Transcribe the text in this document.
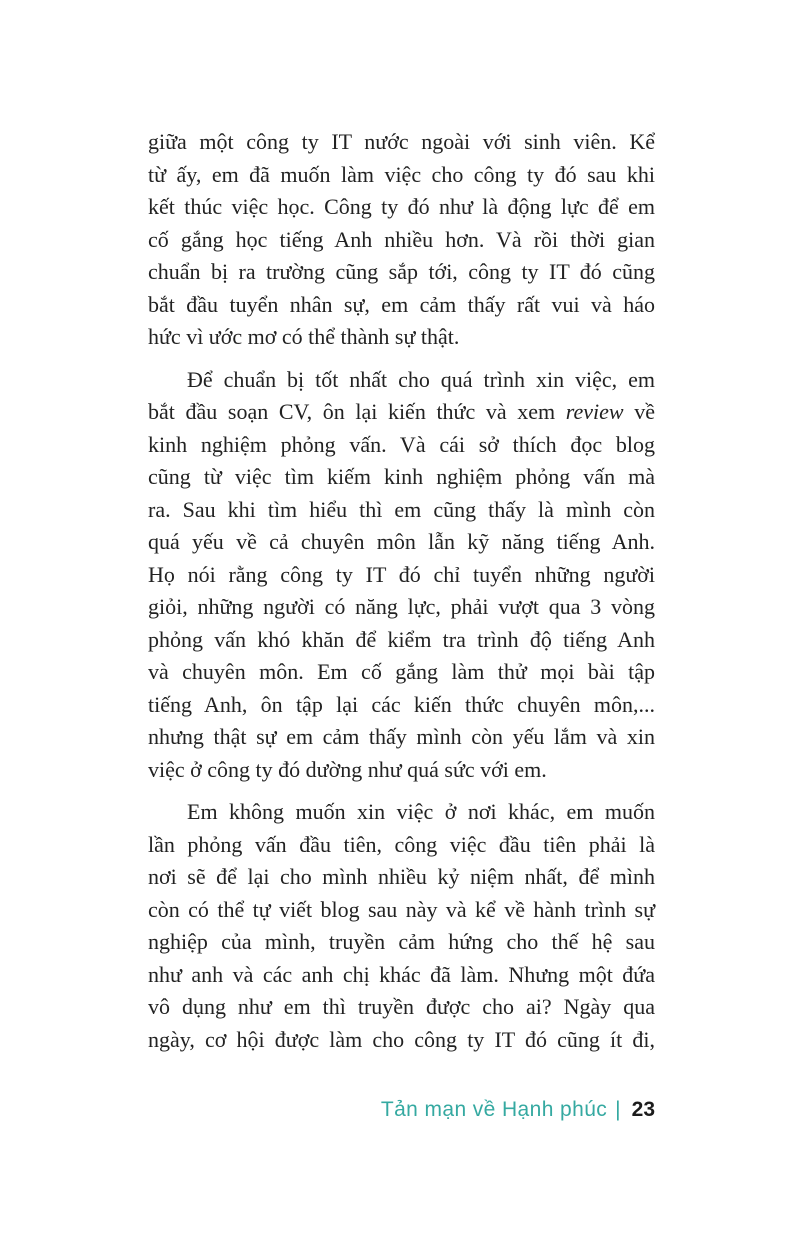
giữa một công ty IT nước ngoài với sinh viên. Kể
từ ấy, em đã muốn làm việc cho công ty đó sau khi
kết thúc việc học. Công ty đó như là động lực để em
cố gắng học tiếng Anh nhiều hơn. Và rồi thời gian
chuẩn bị ra trường cũng sắp tới, công ty IT đó cũng
bắt đầu tuyển nhân sự, em cảm thấy rất vui và háo
hức vì ước mơ có thể thành sự thật.
Để chuẩn bị tốt nhất cho quá trình xin việc, em
bắt đầu soạn CV, ôn lại kiến thức và xem review về
kinh nghiệm phỏng vấn. Và cái sở thích đọc blog
cũng từ việc tìm kiếm kinh nghiệm phỏng vấn mà
ra. Sau khi tìm hiểu thì em cũng thấy là mình còn
quá yếu về cả chuyên môn lẫn kỹ năng tiếng Anh.
Họ nói rằng công ty IT đó chỉ tuyển những người
giỏi, những người có năng lực, phải vượt qua 3 vòng
phỏng vấn khó khăn để kiểm tra trình độ tiếng Anh
và chuyên môn. Em cố gắng làm thử mọi bài tập
tiếng Anh, ôn tập lại các kiến thức chuyên môn,...
nhưng thật sự em cảm thấy mình còn yếu lắm và xin
việc ở công ty đó dường như quá sức với em.
Em không muốn xin việc ở nơi khác, em muốn
lần phỏng vấn đầu tiên, công việc đầu tiên phải là
nơi sẽ để lại cho mình nhiều kỷ niệm nhất, để mình
còn có thể tự viết blog sau này và kể về hành trình sự
nghiệp của mình, truyền cảm hứng cho thế hệ sau
như anh và các anh chị khác đã làm. Nhưng một đứa
vô dụng như em thì truyền được cho ai? Ngày qua
ngày, cơ hội được làm cho công ty IT đó cũng ít đi,
Tản mạn về Hạnh phúc | 23
